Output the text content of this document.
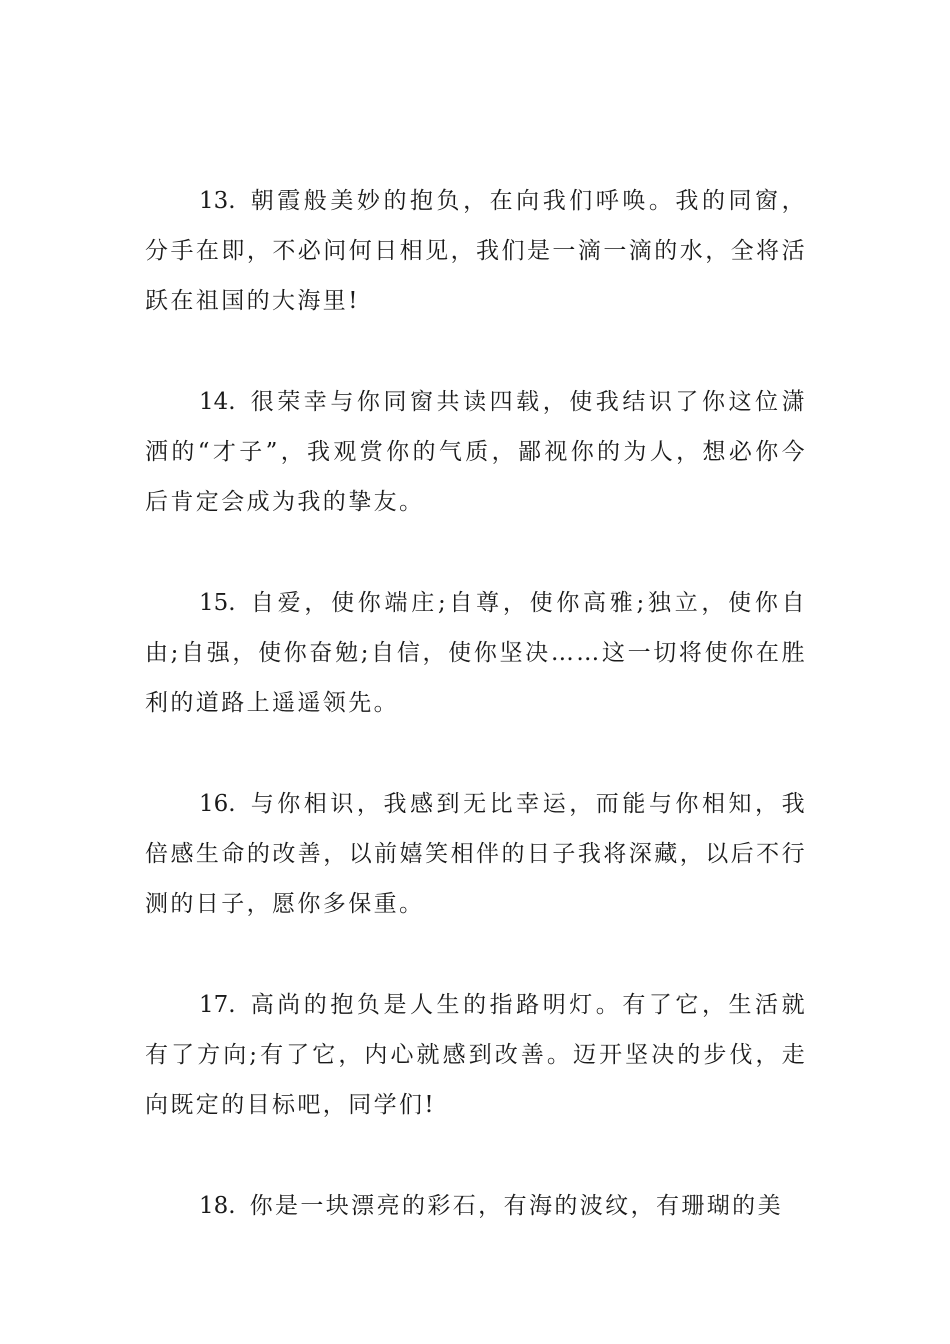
13. 朝霞般美妙的抱负，在向我们呼唤。我的同窗，分手在即，不必问何日相见，我们是一滴一滴的水，全将活跃在祖国的大海里!

14. 很荣幸与你同窗共读四载，使我结识了你这位潇洒的“才子”，我观赏你的气质，鄙视你的为人，想必你今后肯定会成为我的挚友。

15. 自爱，使你端庄;自尊，使你高雅;独立，使你自由;自强，使你奋勉;自信，使你坚决……这一切将使你在胜利的道路上遥遥领先。

16. 与你相识，我感到无比幸运，而能与你相知，我倍感生命的改善，以前嬉笑相伴的日子我将深藏，以后不行测的日子，愿你多保重。

17. 高尚的抱负是人生的指路明灯。有了它，生活就有了方向;有了它，内心就感到改善。迈开坚决的步伐，走向既定的目标吧，同学们!

18. 你是一块漂亮的彩石，有海的波纹，有珊瑚的美
